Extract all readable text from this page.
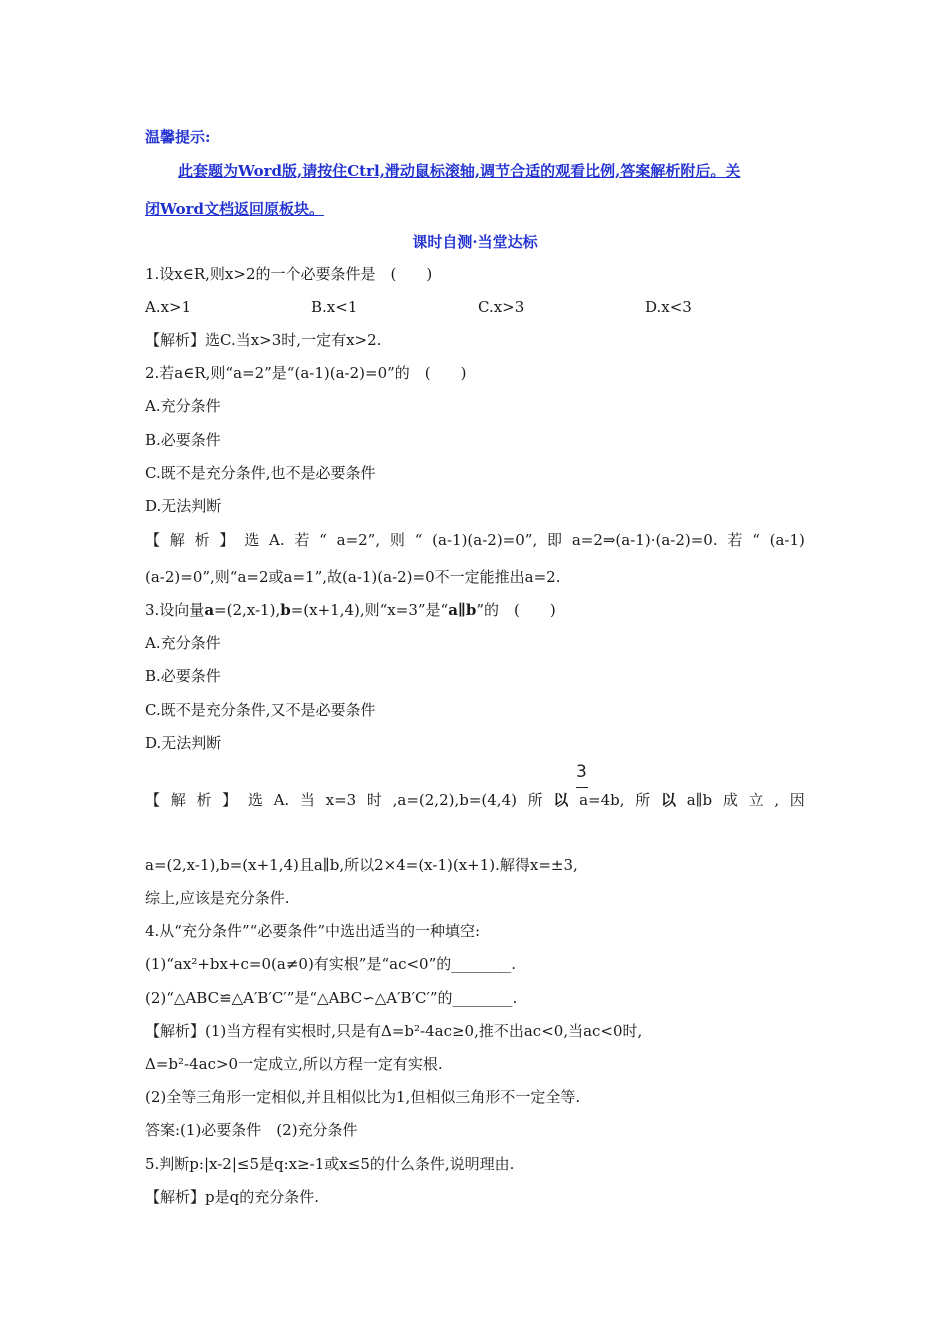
温馨提示:
此套题为Word版,请按住Ctrl,滑动鼠标滚轴,调节合适的观看比例,答案解析附后。关
闭Word文档返回原板块。
课时自测·当堂达标
1.设x∈R,则x>2的一个必要条件是　(　　)
A.x>1	B.x<1	C.x>3	D.x<3
【解析】选C.当x>3时,一定有x>2.
2.若a∈R,则“a=2”是“(a-1)(a-2)=0”的　(　　)
A.充分条件
B.必要条件
C.既不是充分条件,也不是必要条件
D.无法判断
【 解 析 】 选 A. 若 “ a=2”, 则 “ (a-1)(a-2)=0”, 即 a=2⇒(a-1)·(a-2)=0. 若 “ (a-1)
(a-2)=0”,则“a=2或a=1”,故(a-1)(a-2)=0不一定能推出a=2.
3.设向量a=(2,x-1),b=(x+1,4),则“x=3”是“a∥b”的　(　　)
A.充分条件
B.必要条件
C.既不是充分条件,又不是必要条件
D.无法判断
3
【 解 析 】 选 A. 当 x=3 时 ,a=(2,2),b=(4,4) 所 以 a=4b, 所 以 a∥b 成 立 , 因
a=(2,x-1),b=(x+1,4)且a∥b,所以2×4=(x-1)(x+1).解得x=±3,
综上,应该是充分条件.
4.从“充分条件”“必要条件”中选出适当的一种填空:
(1)“ax²+bx+c=0(a≠0)有实根”是“ac<0”的________.
(2)“△ABC≌△A′B′C′”是“△ABC∽△A′B′C′”的________.
【解析】(1)当方程有实根时,只是有Δ=b²-4ac≥0,推不出ac<0,当ac<0时,
Δ=b²-4ac>0一定成立,所以方程一定有实根.
(2)全等三角形一定相似,并且相似比为1,但相似三角形不一定全等.
答案:(1)必要条件　(2)充分条件
5.判断p:|x-2|≤5是q:x≥-1或x≤5的什么条件,说明理由.
【解析】p是q的充分条件.
